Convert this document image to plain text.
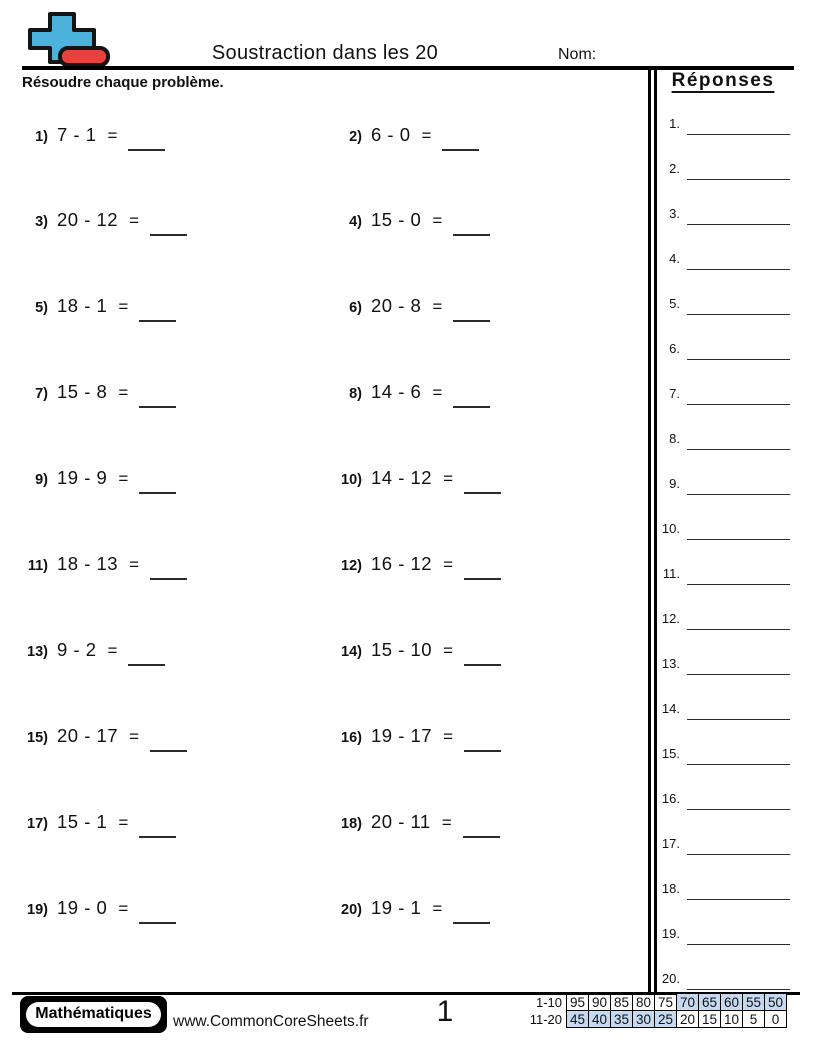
Soustraction dans les 20	Nom:
Résoudre chaque problème.
1) 7 - 1 =	2) 6 - 0 =
3) 20 - 12 =	4) 15 - 0 =
5) 18 - 1 =	6) 20 - 8 =
7) 15 - 8 =	8) 14 - 6 =
9) 19 - 9 =	10) 14 - 12 =
11) 18 - 13 =	12) 16 - 12 =
13) 9 - 2 =	14) 15 - 10 =
15) 20 - 17 =	16) 19 - 17 =
17) 15 - 1 =	18) 20 - 11 =
19) 19 - 0 =	20) 19 - 1 =
Réponses
1.
2.
3.
4.
5.
6.
7.
8.
9.
10.
11.
12.
13.
14.
15.
16.
17.
18.
19.
20.
Mathématiques	www.CommonCoreSheets.fr	1	1-10	95	90	85	80	75	70	65	60	55	50
11-20	45	40	35	30	25	20	15	10	5	0
